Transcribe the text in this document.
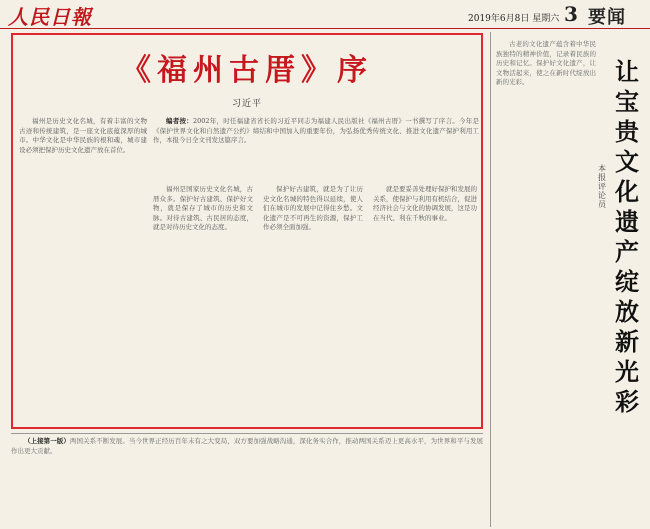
人民日報	2019年6月8日 星期六 3 要闻
《福州古厝》序
习近平

福州是历史文化名城，有着丰富的文物古迹和传统建筑，是一座文化底蕴深厚的城市。中华文化是中华民族的根和魂，城市建设必须把保护历史文化遗产放在首位。

编者按：2002年，时任福建省省长的习近平同志为福建人民出版社《福州古厝》一书撰写了序言。今年是《保护世界文化和自然遗产公约》缔结和中国加入的重要年份，为弘扬优秀传统文化、推进文化遗产保护利用工作，本报今日全文刊发这篇序言。

福州是国家历史文化名城，古厝众多。保护好古建筑、保护好文物，就是保存了城市的历史和文脉。对待古建筑、古民居的态度，就是对待历史文化的态度。

保护好古建筑，就是为了让历史文化名城的特色得以延续，使人们在城市的发展中记得住乡愁。文化遗产是不可再生的资源，保护工作必须全面加强。

就是要妥善处理好保护和发展的关系，使保护与利用有机结合，促进经济社会与文化的协调发展，这是功在当代、利在千秋的事业。

古老的文化遗产蕴含着中华民族独特的精神价值，记录着民族的历史和记忆。保护好文化遗产，让文物活起来，使之在新时代绽放出新的光彩。	让宝贵文化遗产绽放新光彩
本报评论员

（上接第一版）两国关系不断发展。当今世界正经历百年未有之大变局，双方要加强战略沟通，深化务实合作，推动两国关系迈上更高水平，为世界和平与发展作出更大贡献。
